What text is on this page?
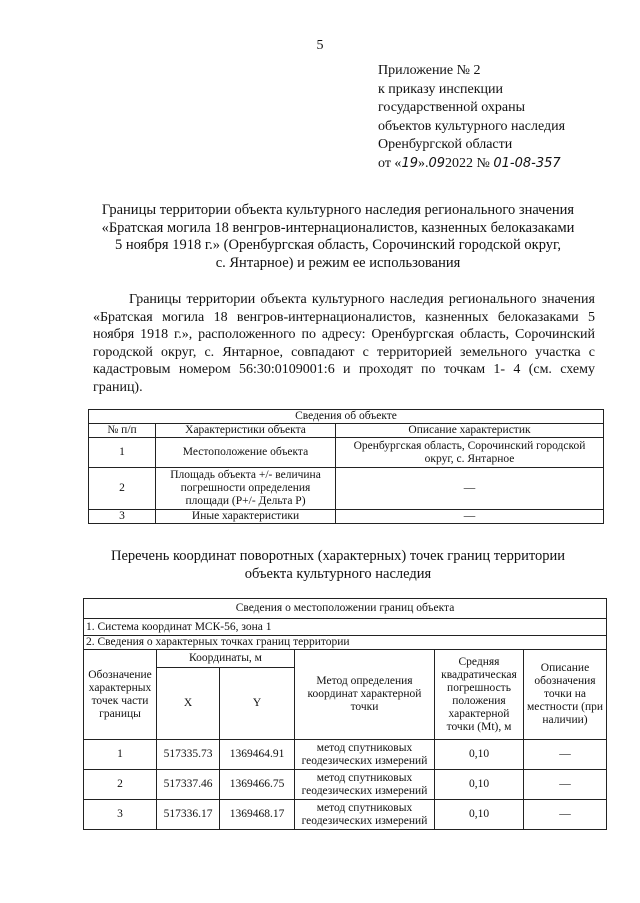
5
Приложение № 2
к приказу инспекции
государственной охраны
объектов культурного наследия
Оренбургской области
от «19».092022 № 01-08-357
Границы территории объекта культурного наследия регионального значения
«Братская могила 18 венгров-интернационалистов, казненных белоказаками
5 ноября 1918 г.» (Оренбургская область, Сорочинский городской округ,
с. Янтарное) и режим ее использования
Границы территории объекта культурного наследия регионального значения «Братская могила 18 венгров-интернационалистов, казненных белоказаками 5 ноября 1918 г.», расположенного по адресу: Оренбургская область, Сорочинский городской округ, с. Янтарное, совпадают с территорией земельного участка с кадастровым номером 56:30:0109001:6 и проходят по точкам 1- 4 (см. схему границ).
Сведения об объекте		
№ п/п	Характеристики объекта	Описание характеристик
1	Местоположение объекта	Оренбургская область, Сорочинский городской округ, с. Янтарное
2	Площадь объекта +/- величина погрешности определения площади (P+/- Дельта P)	—
3	Иные характеристики	—
Перечень координат поворотных (характерных) точек границ территории
объекта культурного наследия
Сведения о местоположении границ объекта					
1. Система координат МСК-56, зона 1					
2. Сведения о характерных точках границ территории					
Обозначение характерных точек части границы	Координаты, м		Метод определения координат характерной точки	Средняя квадратическая погрешность положения характерной точки (Mt), м	Описание обозначения точки на местности (при наличии)
	X	Y			
1	517335.73	1369464.91	метод спутниковых геодезических измерений	0,10	—
2	517337.46	1369466.75	метод спутниковых геодезических измерений	0,10	—
3	517336.17	1369468.17	метод спутниковых геодезических измерений	0,10	—
